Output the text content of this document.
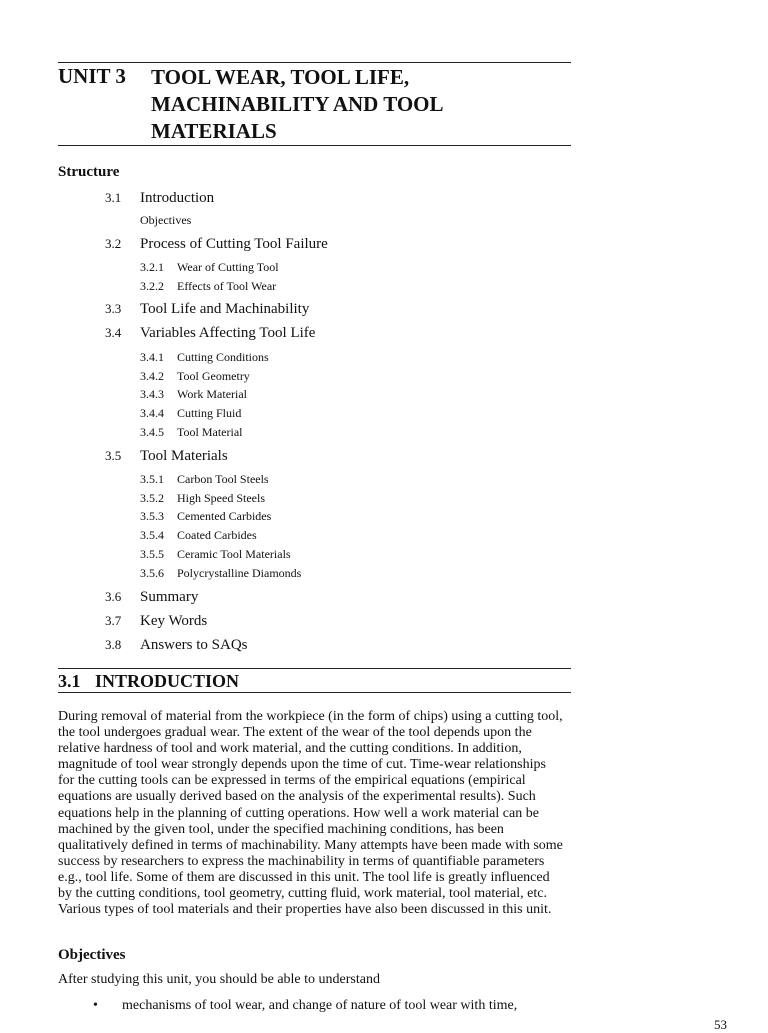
UNIT 3 TOOL WEAR, TOOL LIFE,
MACHINABILITY AND TOOL
MATERIALS
Structure
3.1 Introduction
Objectives
3.2 Process of Cutting Tool Failure
3.2.1 Wear of Cutting Tool
3.2.2 Effects of Tool Wear
3.3 Tool Life and Machinability
3.4 Variables Affecting Tool Life
3.4.1 Cutting Conditions
3.4.2 Tool Geometry
3.4.3 Work Material
3.4.4 Cutting Fluid
3.4.5 Tool Material
3.5 Tool Materials
3.5.1 Carbon Tool Steels
3.5.2 High Speed Steels
3.5.3 Cemented Carbides
3.5.4 Coated Carbides
3.5.5 Ceramic Tool Materials
3.5.6 Polycrystalline Diamonds
3.6 Summary
3.7 Key Words
3.8 Answers to SAQs
3.1 INTRODUCTION

During removal of material from the workpiece (in the form of chips) using a cutting tool, the tool undergoes gradual wear. The extent of the wear of the tool depends upon the relative hardness of tool and work material, and the cutting conditions. In addition, magnitude of tool wear strongly depends upon the time of cut. Time-wear relationships for the cutting tools can be expressed in terms of the empirical equations (empirical equations are usually derived based on the analysis of the experimental results). Such equations help in the planning of cutting operations. How well a work material can be machined by the given tool, under the specified machining conditions, has been qualitatively defined in terms of machinability. Many attempts have been made with some success by researchers to express the machinability in terms of quantifiable parameters e.g., tool life. Some of them are discussed in this unit. The tool life is greatly influenced by the cutting conditions, tool geometry, cutting fluid, work material, tool material, etc. Various types of tool materials and their properties have also been discussed in this unit.

Objectives
After studying this unit, you should be able to understand
• mechanisms of tool wear, and change of nature of tool wear with time,
53
